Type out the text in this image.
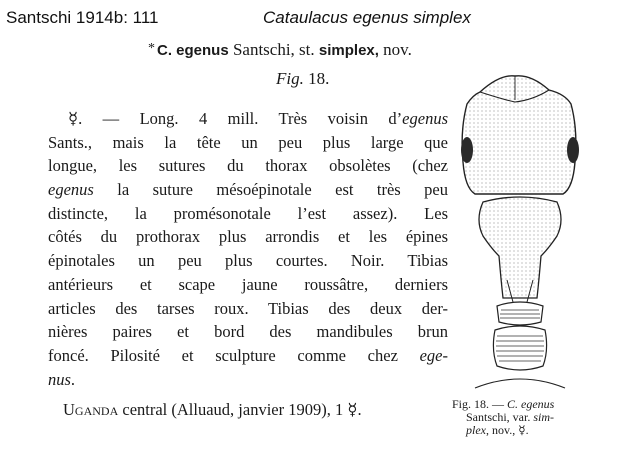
Santschi 1914b: 111	Cataulacus egenus simplex
* C. egenus Santschi, st. simplex, nov.
Fig. 18.
☿. — Long. 4 mill. Très voisin d’egenus
Sants., mais la tête un peu plus large que
longue, les sutures du thorax obsolètes (chez
egenus la suture mésoépinotale est très peu
distincte, la promésonotale l’est assez). Les
côtés du prothorax plus arrondis et les épines
épinotales un peu plus courtes. Noir. Tibias
antérieurs et scape jaune roussâtre, derniers
articles des tarses roux. Tibias des deux der-
nières paires et bord des mandibules brun
foncé. Pilosité et sculpture comme chez ege-
nus.
Uganda central (Alluaud, janvier 1909), 1 ☿.	Fig. 18. — C. egenus
Santschi, var. sim-
plex, nov., ☿.
